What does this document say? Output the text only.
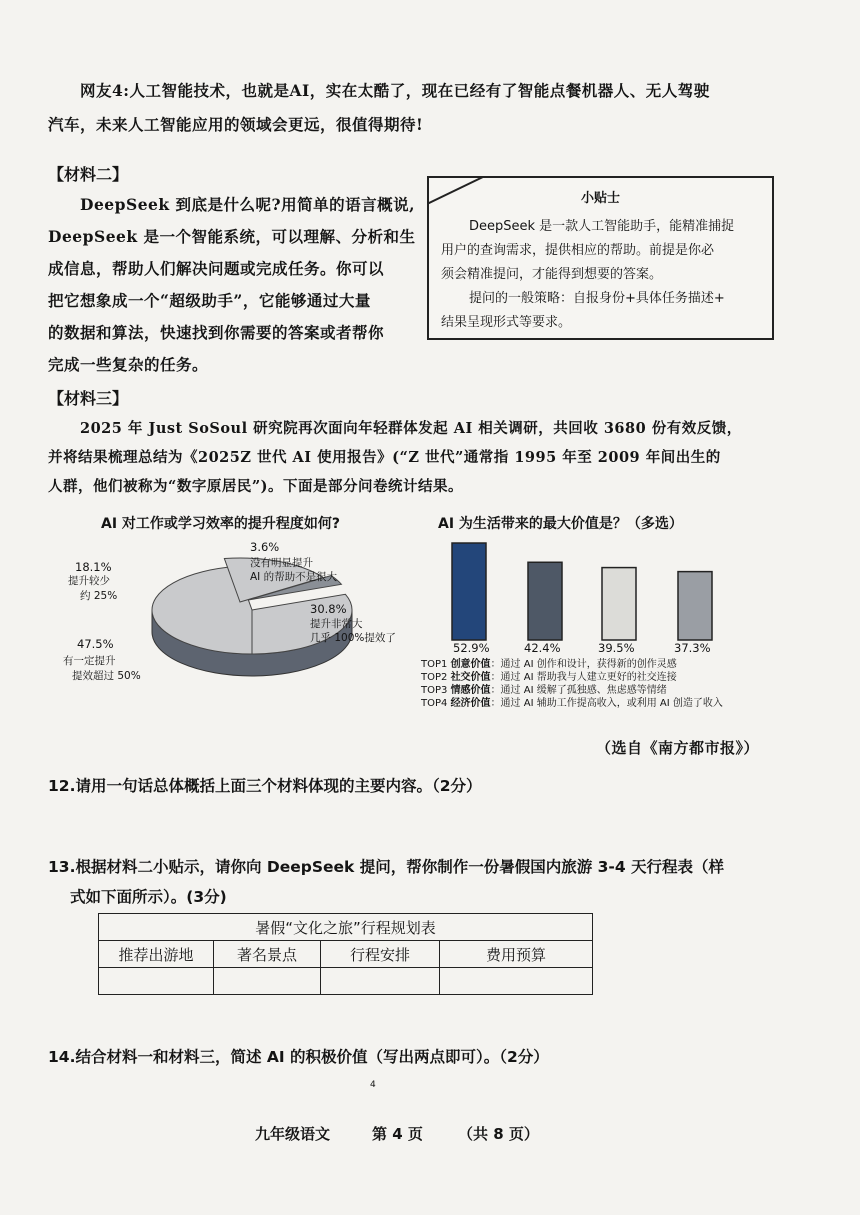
网友4:人工智能技术，也就是AI，实在太酷了，现在已经有了智能点餐机器人、无人驾驶
汽车，未来人工智能应用的领域会更远，很值得期待!
【材料二】
DeepSeek 到底是什么呢?用简单的语言概说,
DeepSeek 是一个智能系统，可以理解、分析和生
成信息，帮助人们解决问题或完成任务。你可以
把它想象成一个“超级助手”，它能够通过大量
的数据和算法，快速找到你需要的答案或者帮你
完成一些复杂的任务。
小贴士
DeepSeek 是一款人工智能助手，能精准捕捉
用户的查询需求，提供相应的帮助。前提是你必
须会精准提问，才能得到想要的答案。
提问的一般策略：自报身份+具体任务描述+
结果呈现形式等要求。
【材料三】
2025 年 Just SoSoul 研究院再次面向年轻群体发起 AI 相关调研，共回收 3680 份有效反馈，
并将结果梳理总结为《2025Z 世代 AI 使用报告》(“Z 世代”通常指 1995 年至 2009 年间出生的
人群，他们被称为“数字原居民”)。下面是部分问卷统计结果。
AI 对工作或学习效率的提升程度如何?
18.1%
提升较少
约 25%
3.6%
没有明显提升
AI 的帮助不是很大
30.8%
提升非常大
几乎 100%提效了
47.5%
有一定提升
提效超过 50%
AI 为生活带来的最大价值是？（多选）
52.9%	42.4%	39.5%	37.3%
TOP1 创意价值：通过 AI 创作和设计，获得新的创作灵感
TOP2 社交价值：通过 AI 帮助我与人建立更好的社交连接
TOP3 情感价值：通过 AI 缓解了孤独感、焦虑感等情绪
TOP4 经济价值：通过 AI 辅助工作提高收入，或利用 AI 创造了收入
（选自《南方都市报》）
12.请用一句话总体概括上面三个材料体现的主要内容。（2分）
13.根据材料二小贴示，请你向 DeepSeek 提问，帮你制作一份暑假国内旅游 3-4 天行程表（样
式如下面所示）。(3分)
暑假“文化之旅”行程规划表			
推荐出游地	著名景点	行程安排	费用预算

14.结合材料一和材料三，简述 AI 的积极价值（写出两点即可）。（2分）
4
九年级语文	第 4 页 （共 8 页）
